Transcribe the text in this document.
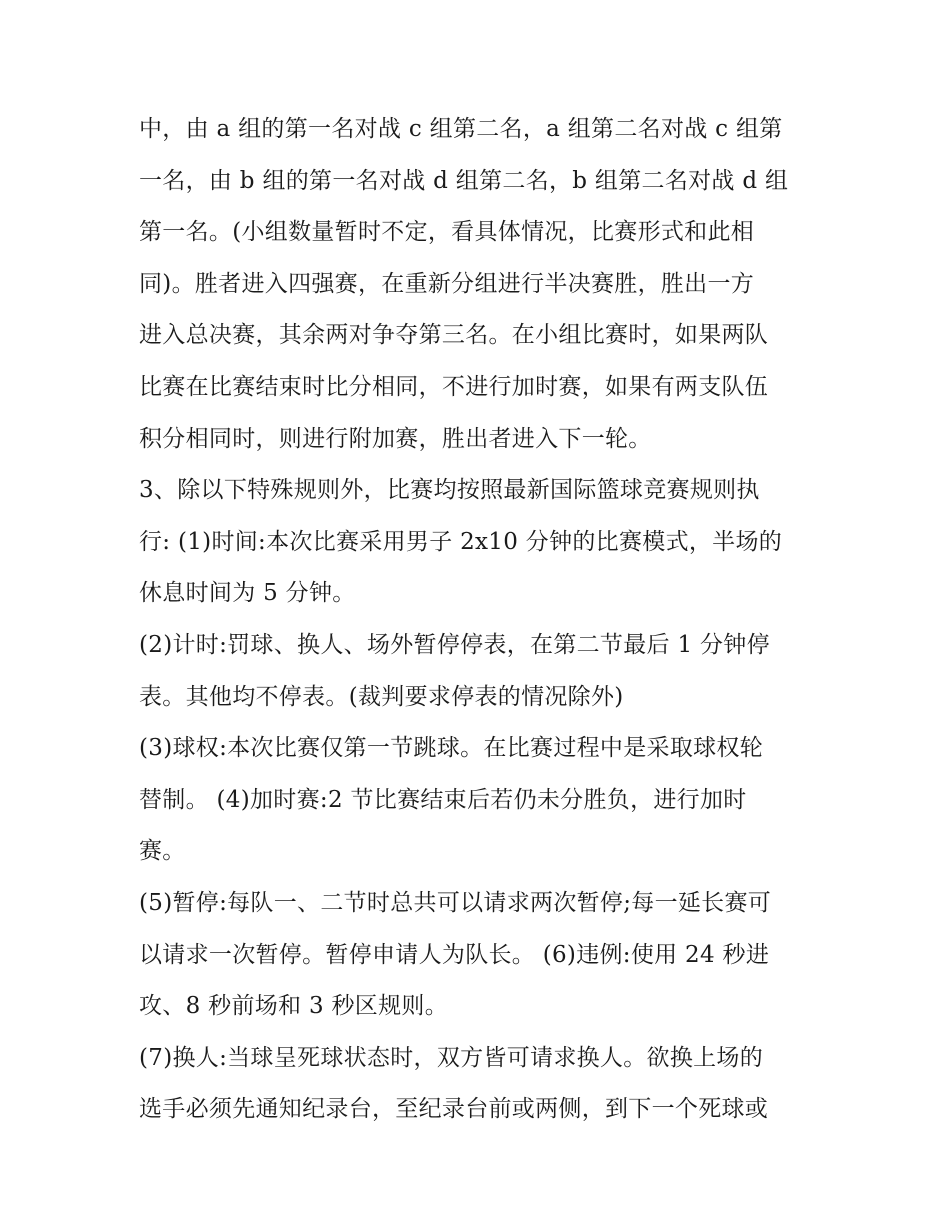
中，由 a 组的第一名对战 c 组第二名，a 组第二名对战 c 组第
一名，由 b 组的第一名对战 d 组第二名，b 组第二名对战 d 组
第一名。(小组数量暂时不定，看具体情况，比赛形式和此相
同)。胜者进入四强赛，在重新分组进行半决赛胜，胜出一方
进入总决赛，其余两对争夺第三名。在小组比赛时，如果两队
比赛在比赛结束时比分相同，不进行加时赛，如果有两支队伍
积分相同时，则进行附加赛，胜出者进入下一轮。
3、除以下特殊规则外，比赛均按照最新国际篮球竞赛规则执
行: (1)时间:本次比赛采用男子 2x10 分钟的比赛模式，半场的
休息时间为 5 分钟。
(2)计时:罚球、换人、场外暂停停表，在第二节最后 1 分钟停
表。其他均不停表。(裁判要求停表的情况除外)
(3)球权:本次比赛仅第一节跳球。在比赛过程中是采取球权轮
替制。 (4)加时赛:2 节比赛结束后若仍未分胜负，进行加时
赛。
(5)暂停:每队一、二节时总共可以请求两次暂停;每一延长赛可
以请求一次暂停。暂停申请人为队长。 (6)违例:使用 24 秒进
攻、8 秒前场和 3 秒区规则。
(7)换人:当球呈死球状态时，双方皆可请求换人。欲换上场的
选手必须先通知纪录台，至纪录台前或两侧，到下一个死球或
